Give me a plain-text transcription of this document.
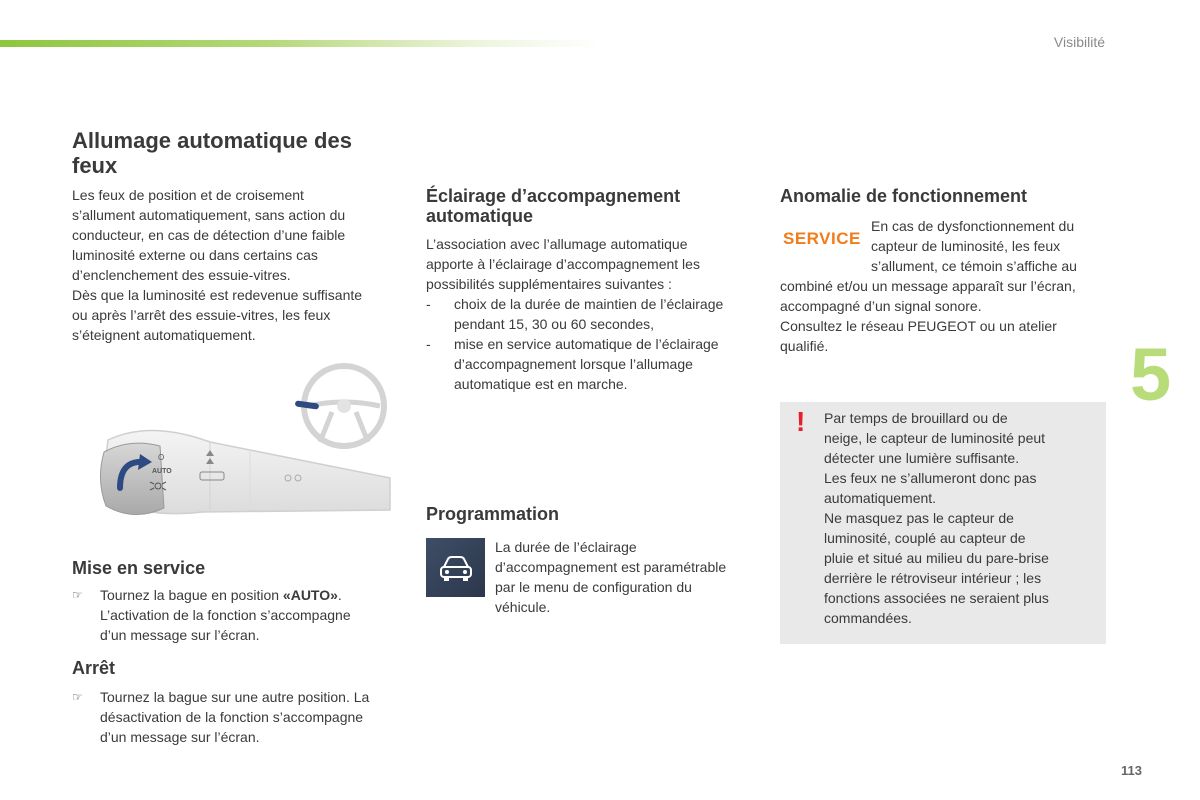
Visibilité
5
113
Allumage automatique des feux

Les feux de position et de croisement

s’allument automatiquement, sans action du

conducteur, en cas de détection d’une faible

luminosité externe ou dans certains cas

d’enclenchement des essuie-vitres.

Dès que la luminosité est redevenue suffisante

ou après l’arrêt des essuie-vitres, les feux

s’éteignent automatiquement.

O
AUTO
Mise en service
☞ Tournez la bague en position «AUTO».
L’activation de la fonction s’accompagne
d’un message sur l’écran.
Arrêt
☞ Tournez la bague sur une autre position. La
désactivation de la fonction s’accompagne
d’un message sur l’écran.
Éclairage d’accompagnement
automatique

L’association avec l’allumage automatique

apporte à l’éclairage d’accompagnement les

possibilités supplémentaires suivantes :

- choix de la durée de maintien de l’éclairage
pendant 15, 30 ou 60 secondes,
- mise en service automatique de l’éclairage
d’accompagnement lorsque l’allumage
automatique est en marche.
Programmation

La durée de l’éclairage

d’accompagnement est paramétrable

par le menu de configuration du

véhicule.

Anomalie de fonctionnement
SERVICE

En cas de dysfonctionnement du

capteur de luminosité, les feux

s’allument, ce témoin s’affiche au

combiné et/ou un message apparaît sur l’écran,

accompagné d’un signal sonore.

Consultez le réseau PEUGEOT ou un atelier

qualifié.

! Par temps de brouillard ou de

neige, le capteur de luminosité peut

détecter une lumière suffisante.

Les feux ne s’allumeront donc pas

automatiquement.

Ne masquez pas le capteur de

luminosité, couplé au capteur de

pluie et situé au milieu du pare-brise

derrière le rétroviseur intérieur ; les

fonctions associées ne seraient plus

commandées.
